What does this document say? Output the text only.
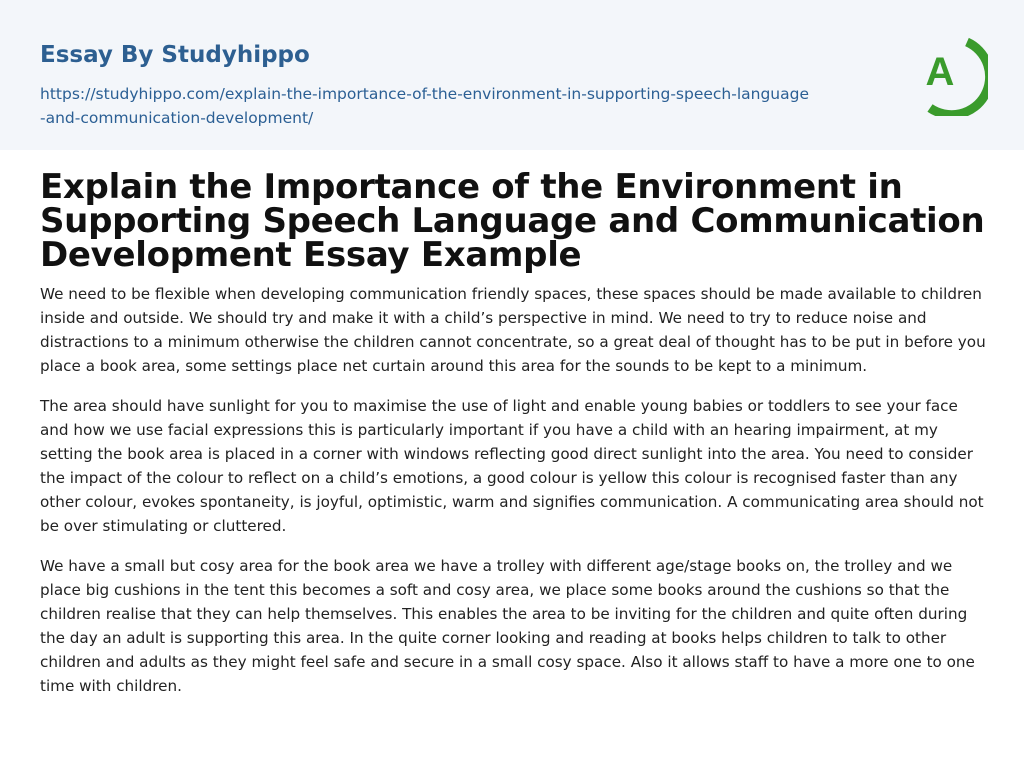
Essay By Studyhippo
https://studyhippo.com/explain-the-importance-of-the-environment-in-supporting-speech-language-and-communication-development/
A
Explain the Importance of the Environment in Supporting Speech Language and Communication Development Essay Example

We need to be flexible when developing communication friendly spaces, these spaces should be made available to children inside and outside. We should try and make it with a child’s perspective in mind. We need to try to reduce noise and distractions to a minimum otherwise the children cannot concentrate, so a great deal of thought has to be put in before you place a book area, some settings place net curtain around this area for the sounds to be kept to a minimum.

The area should have sunlight for you to maximise the use of light and enable young babies or toddlers to see your face and how we use facial expressions this is particularly important if you have a child with an hearing impairment, at my setting the book area is placed in a corner with windows reflecting good direct sunlight into the area. You need to consider the impact of the colour to reflect on a child’s emotions, a good colour is yellow this colour is recognised faster than any other colour, evokes spontaneity, is joyful, optimistic, warm and signifies communication. A communicating area should not be over stimulating or cluttered.

We have a small but cosy area for the book area we have a trolley with different age/stage books on, the trolley and we place big cushions in the tent this becomes a soft and cosy area, we place some books around the cushions so that the children realise that they can help themselves. This enables the area to be inviting for the children and quite often during the day an adult is supporting this area. In the quite corner looking and reading at books helps children to talk to other children and adults as they might feel safe and secure in a small cosy space. Also it allows staff to have a more one to one time with children.
